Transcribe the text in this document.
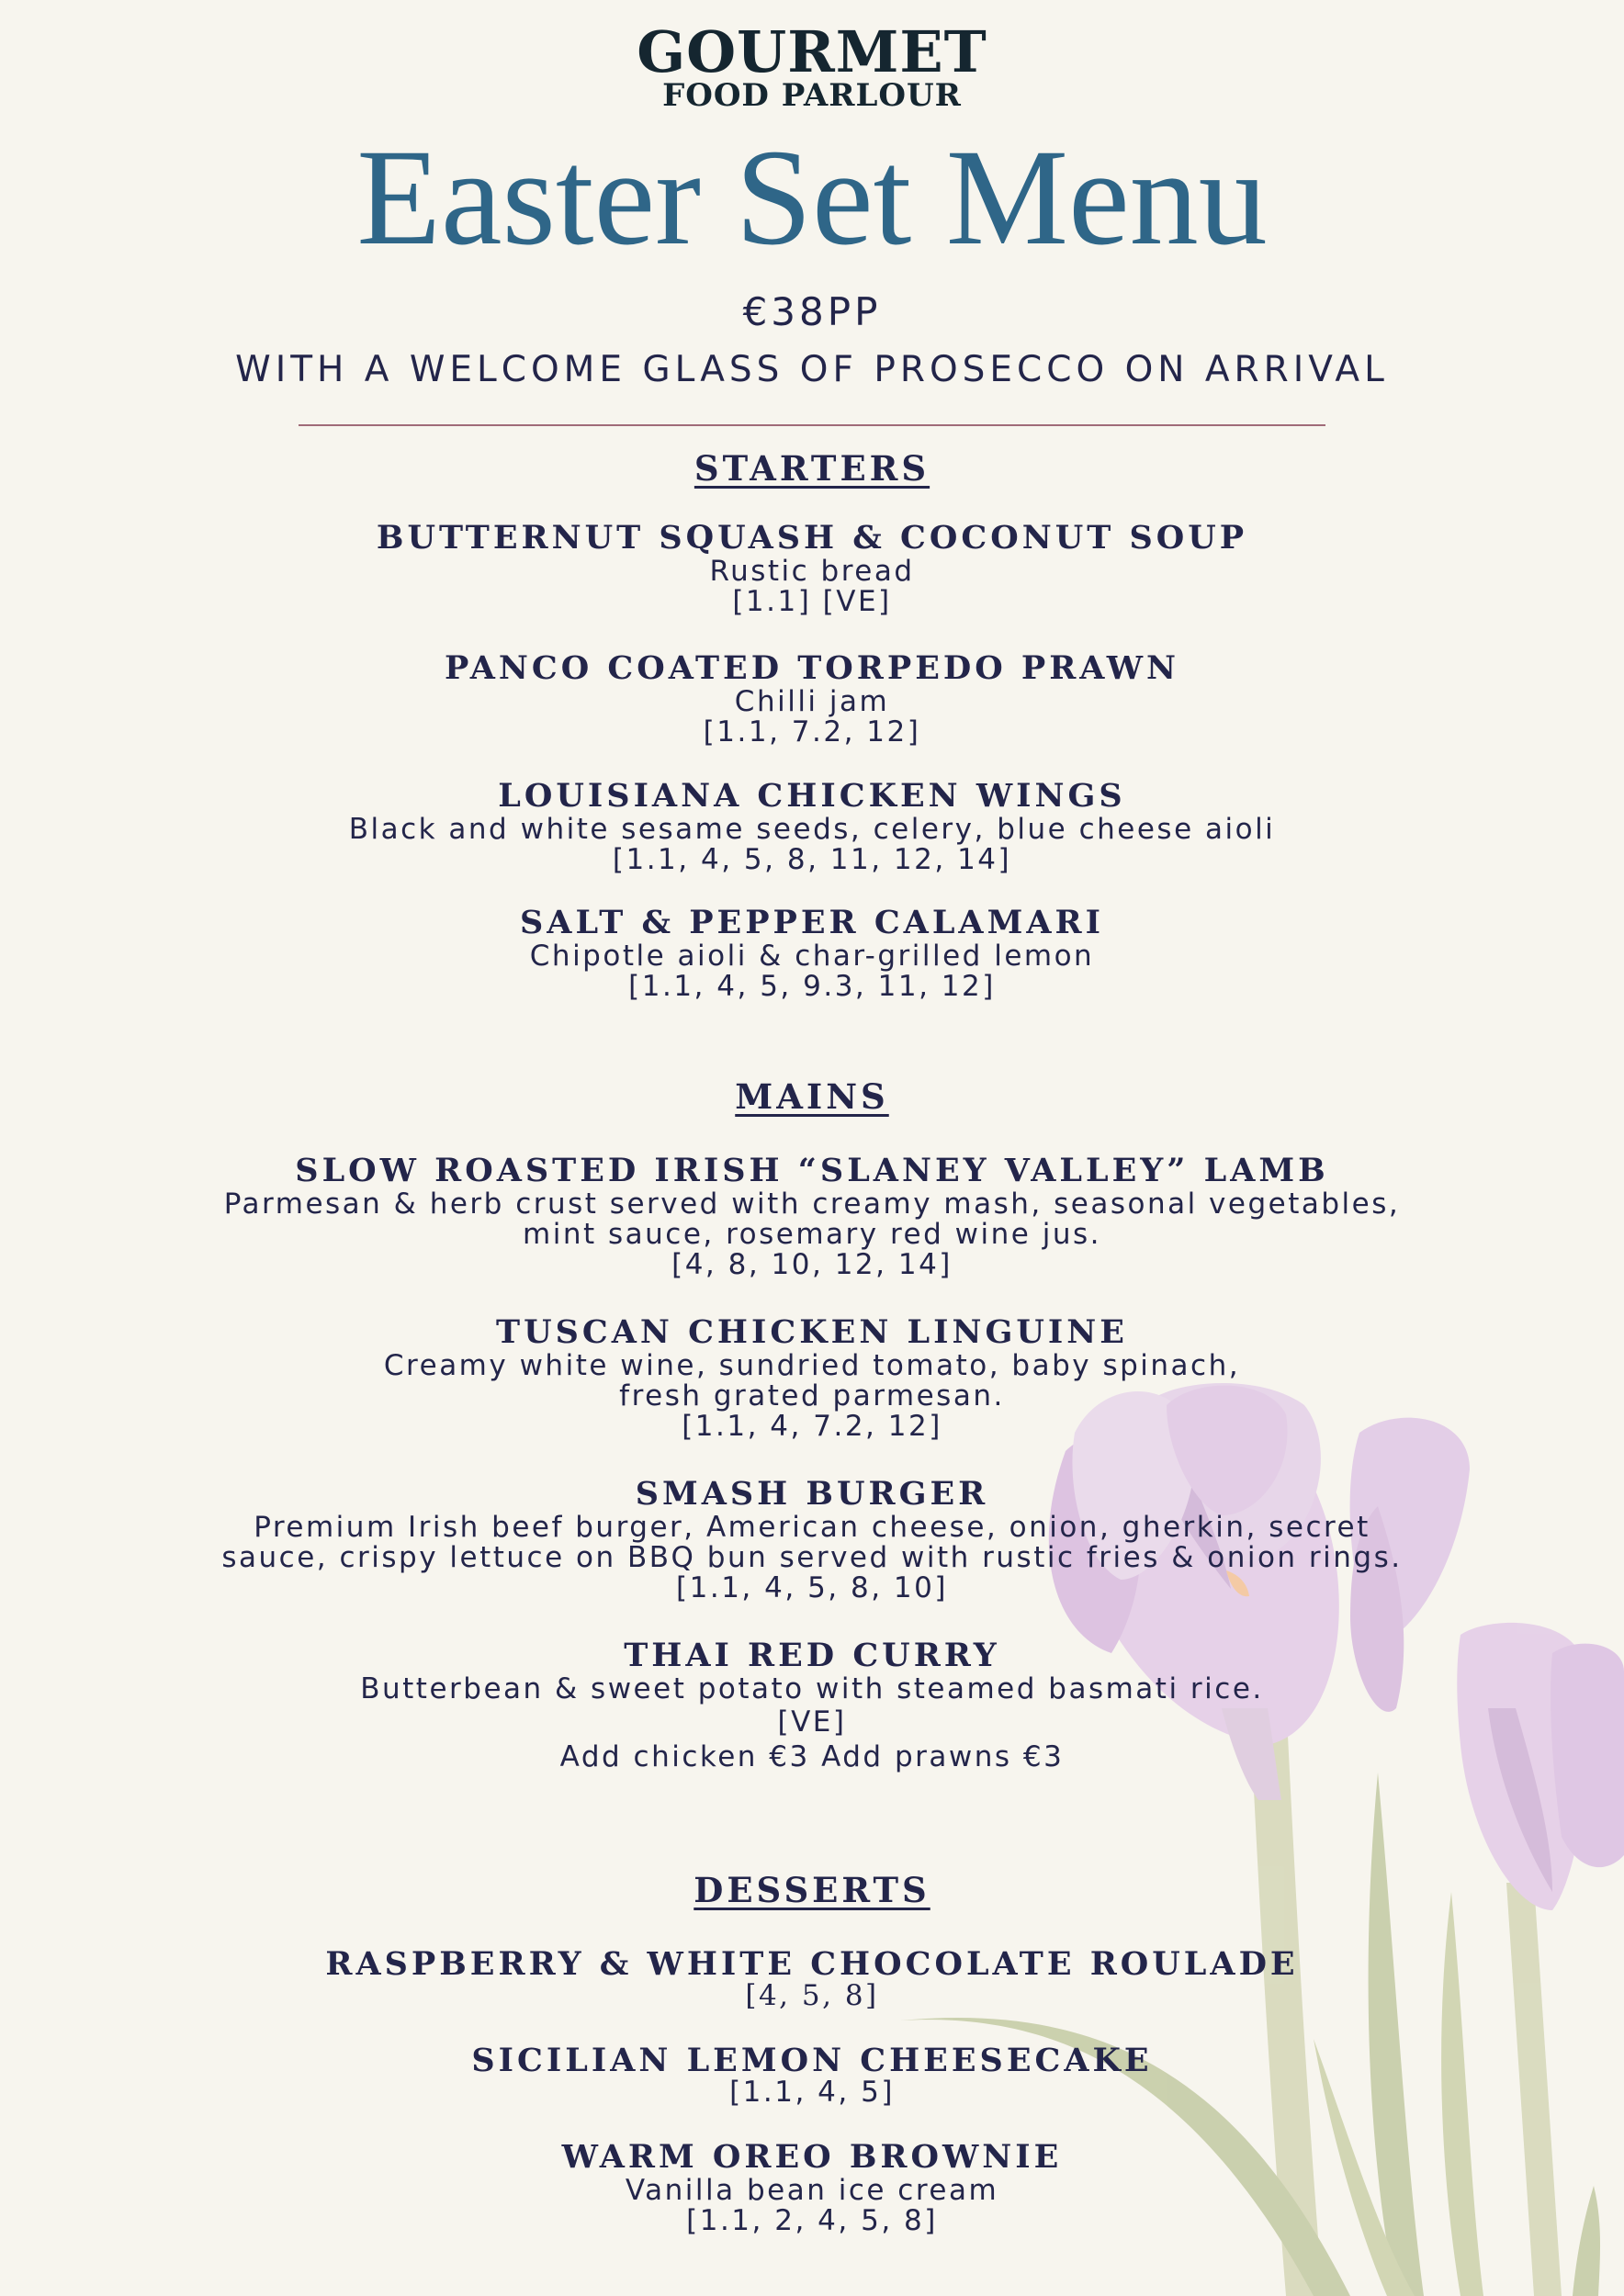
GOURMET
FOOD PARLOUR
Easter Set Menu
€38PP
WITH A WELCOME GLASS OF PROSECCO ON ARRIVAL
STARTERS
BUTTERNUT SQUASH & COCONUT SOUP
Rustic bread
[1.1] [VE]
PANCO COATED TORPEDO PRAWN
Chilli jam
[1.1, 7.2, 12]
LOUISIANA CHICKEN WINGS
Black and white sesame seeds, celery, blue cheese aioli
[1.1, 4, 5, 8, 11, 12, 14]
SALT & PEPPER CALAMARI
Chipotle aioli & char-grilled lemon
[1.1, 4, 5, 9.3, 11, 12]
MAINS
SLOW ROASTED IRISH “SLANEY VALLEY” LAMB
Parmesan & herb crust served with creamy mash, seasonal vegetables,
mint sauce, rosemary red wine jus.
[4, 8, 10, 12, 14]
TUSCAN CHICKEN LINGUINE
Creamy white wine, sundried tomato, baby spinach,
fresh grated parmesan.
[1.1, 4, 7.2, 12]
SMASH BURGER
Premium Irish beef burger, American cheese, onion, gherkin, secret
sauce, crispy lettuce on BBQ bun served with rustic fries & onion rings.
[1.1, 4, 5, 8, 10]
THAI RED CURRY
Butterbean & sweet potato with steamed basmati rice.
[VE]
Add chicken €3 Add prawns €3
DESSERTS
RASPBERRY & WHITE CHOCOLATE ROULADE
[4, 5, 8]
SICILIAN LEMON CHEESECAKE
[1.1, 4, 5]
WARM OREO BROWNIE
Vanilla bean ice cream
[1.1, 2, 4, 5, 8]
